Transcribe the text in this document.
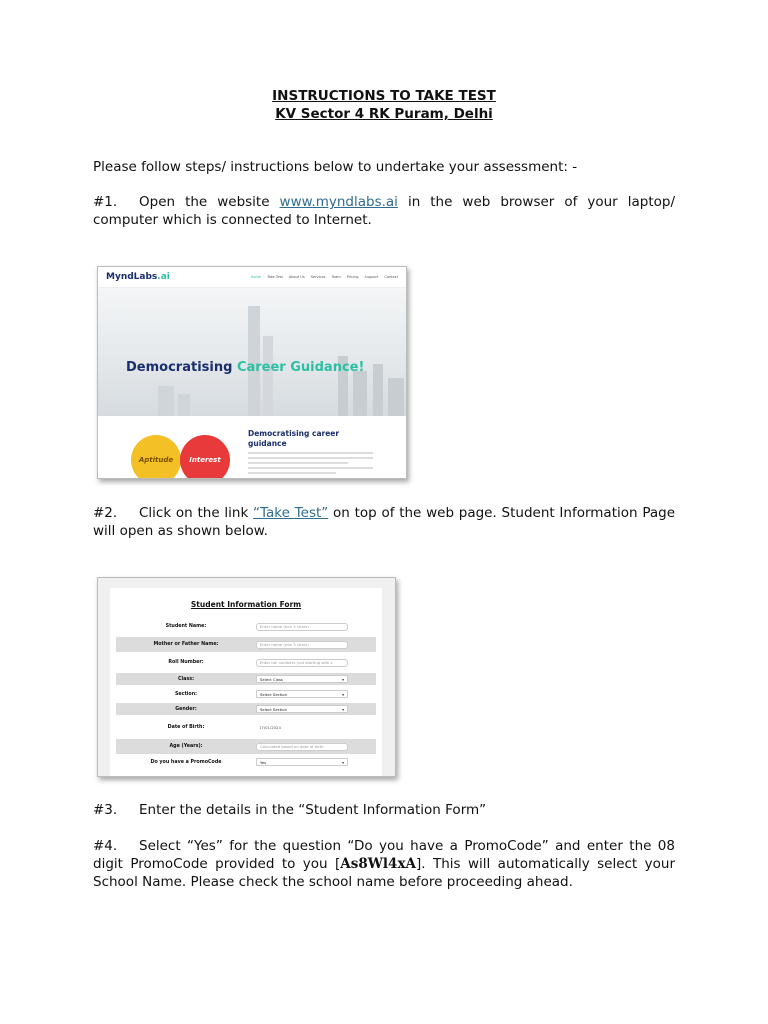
INSTRUCTIONS TO TAKE TEST
KV Sector 4 RK Puram, Delhi
Please follow steps/ instructions below to undertake your assessment: -
#1. Open the website www.myndlabs.ai in the web browser of your laptop/ computer which is connected to Internet.
MyndLabs.ai	Home Take Test About Us Services Team Pricing Support Contact
Democratising Career Guidance!
Aptitude	Interest
Democratising career guidance
#2. Click on the link “Take Test” on top of the web page. Student Information Page will open as shown below.
Student Information Form
Student Name:	Enter name (min 3 chars)
Mother or Father Name:	Enter name (min 3 chars)
Roll Number:	Enter roll numbers (not starting with z
Class:	Select Class	▾
Section:	Select Section	▾
Gender:	Select Section	▾
Date of Birth:	17/01/2024
Age (Years):	Calculated based on date of birth
Do you have a PromoCode	Yes	▾
#3. Enter the details in the “Student Information Form”
#4. Select “Yes” for the question “Do you have a PromoCode” and enter the 08 digit PromoCode provided to you [As8Wl4xA]. This will automatically select your School Name. Please check the school name before proceeding ahead.
